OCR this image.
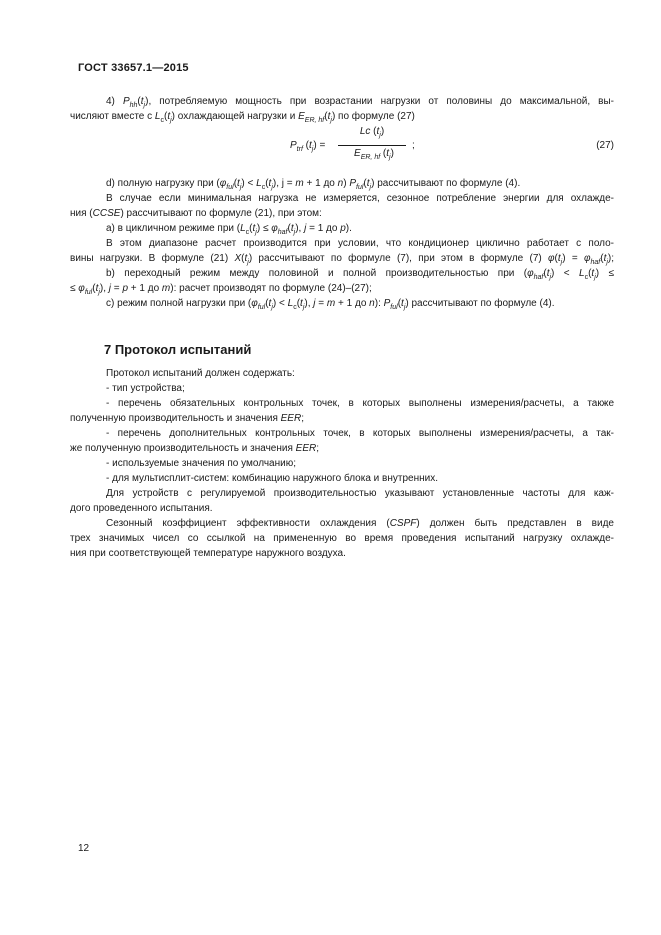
ГОСТ 33657.1—2015
4) $P_{hh}(t_j)$, потребляемую мощность при возрастании нагрузки от половины до максимальной, вы-
числяют вместе с $L_c(t_j)$ охлаждающей нагрузки и $E_{ER, hf}(t_j)$ по формуле (27)
$P_{trf}$ $(t_j)$ =
Lc $(t_j)$
$E_{ER, hf}$ $(t_j)$
;	(27)
d) полную нагрузку при ($\varphi_{ful}(t_j) < L_c(t_j)$, j = m + 1 до n) $P_{ful}(t_j)$ рассчитывают по формуле (4).
В случае если минимальная нагрузка не измеряется, сезонное потребление энергии для охлажде-
ния (CCSE) рассчитывают по формуле (21), при этом:
а) в цикличном режиме при ($L_c(t_j) \le \varphi_{haf}(t_j)$, j = 1 до p).
В этом диапазоне расчет производится при условии, что кондиционер циклично работает с поло-
вины нагрузки. В формуле (21) $X(t_j)$ рассчитывают по формуле (7), при этом в формуле (7) $\varphi(t_j) = \varphi_{haf}(t_j)$;
b) переходный режим между половиной и полной производительностью при ($\varphi_{haf}(t_j) < L_c(t_j)$ ≤
≤ $\varphi_{ful}(t_j)$, j = p + 1 до m): расчет производят по формуле (24)–(27);
c) режим полной нагрузки при ($\varphi_{ful}(t_j) < L_c(t_j)$, j = m + 1 до n): $P_{ful}(t_j)$ рассчитывают по формуле (4).
7 Протокол испытаний
Протокол испытаний должен содержать:
- тип устройства;
- перечень обязательных контрольных точек, в которых выполнены измерения/расчеты, а также
полученную производительность и значения EER;
- перечень дополнительных контрольных точек, в которых выполнены измерения/расчеты, а так-
же полученную производительность и значения EER;
- используемые значения по умолчанию;
- для мультисплит-систем: комбинацию наружного блока и внутренних.
Для устройств с регулируемой производительностью указывают установленные частоты для каж-
дого проведенного испытания.
Сезонный коэффициент эффективности охлаждения (CSPF) должен быть представлен в виде
трех значимых чисел со ссылкой на примененную во время проведения испытаний нагрузку охлажде-
ния при соответствующей температуре наружного воздуха.
12
